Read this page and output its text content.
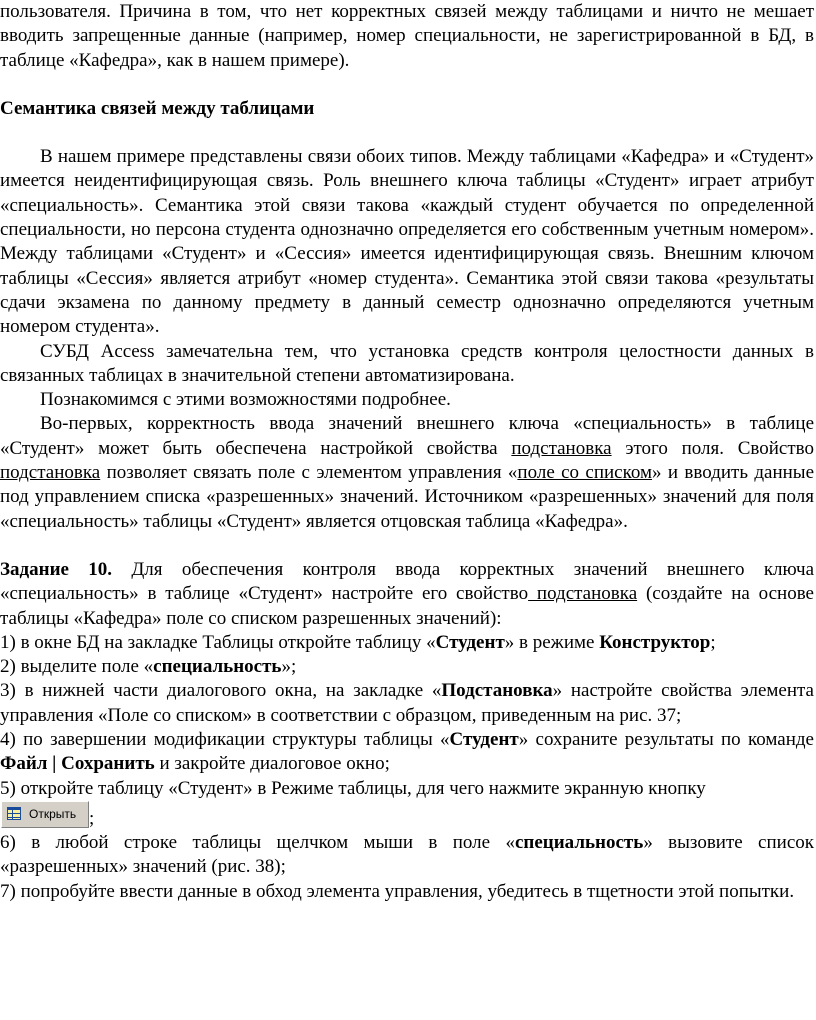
пользователя. Причина в том, что нет корректных связей между таблицами и ничто не мешает вводить запрещенные данные (например, номер специальности, не зарегистрированной в БД, в таблице «Кафедра», как в нашем примере).

Семантика связей между таблицами

В нашем примере представлены связи обоих типов. Между таблицами «Кафедра» и «Студент» имеется неидентифицирующая связь. Роль внешнего ключа таблицы «Студент» играет атрибут «специальность». Семантика этой связи такова «каждый студент обучается по определенной специальности, но персона студента однозначно определяется его собственным учетным номером». Между таблицами «Студент» и «Сессия» имеется идентифицирующая связь. Внешним ключом таблицы «Сессия» является атрибут «номер студента». Семантика этой связи такова «результаты сдачи экзамена по данному предмету в данный семестр однозначно определяются учетным номером студента».

СУБД Access замечательна тем, что установка средств контроля целостности данных в связанных таблицах в значительной степени автоматизирована.

Познакомимся с этими возможностями подробнее.

Во-первых, корректность ввода значений внешнего ключа «специальность» в таблице «Студент» может быть обеспечена настройкой свойства подстановка этого поля. Свойство подстановка позволяет связать поле с элементом управления «поле со списком» и вводить данные под управлением списка «разрешенных» значений. Источником «разрешенных» значений для поля «специальность» таблицы «Студент» является отцовская таблица «Кафедра».

Задание 10. Для обеспечения контроля ввода корректных значений внешнего ключа «специальность» в таблице «Студент» настройте его свойство подстановка (создайте на основе таблицы «Кафедра» поле со списком разрешенных значений):

1) в окне БД на закладке Таблицы откройте таблицу «Студент» в режиме Конструктор;

2) выделите поле «специальность»;

3) в нижней части диалогового окна, на закладке «Подстановка» настройте свойства элемента управления «Поле со списком» в соответствии с образцом, приведенным на рис. 37;

4) по завершении модификации структуры таблицы «Студент» сохраните результаты по команде Файл | Сохранить и закройте диалоговое окно;

5) откройте таблицу «Студент» в Режиме таблицы, для чего нажмите экранную кнопку

Открыть ;

6) в любой строке таблицы щелчком мыши в поле «специальность» вызовите список «разрешенных» значений (рис. 38);

7) попробуйте ввести данные в обход элемента управления, убедитесь в тщетности этой попытки.
